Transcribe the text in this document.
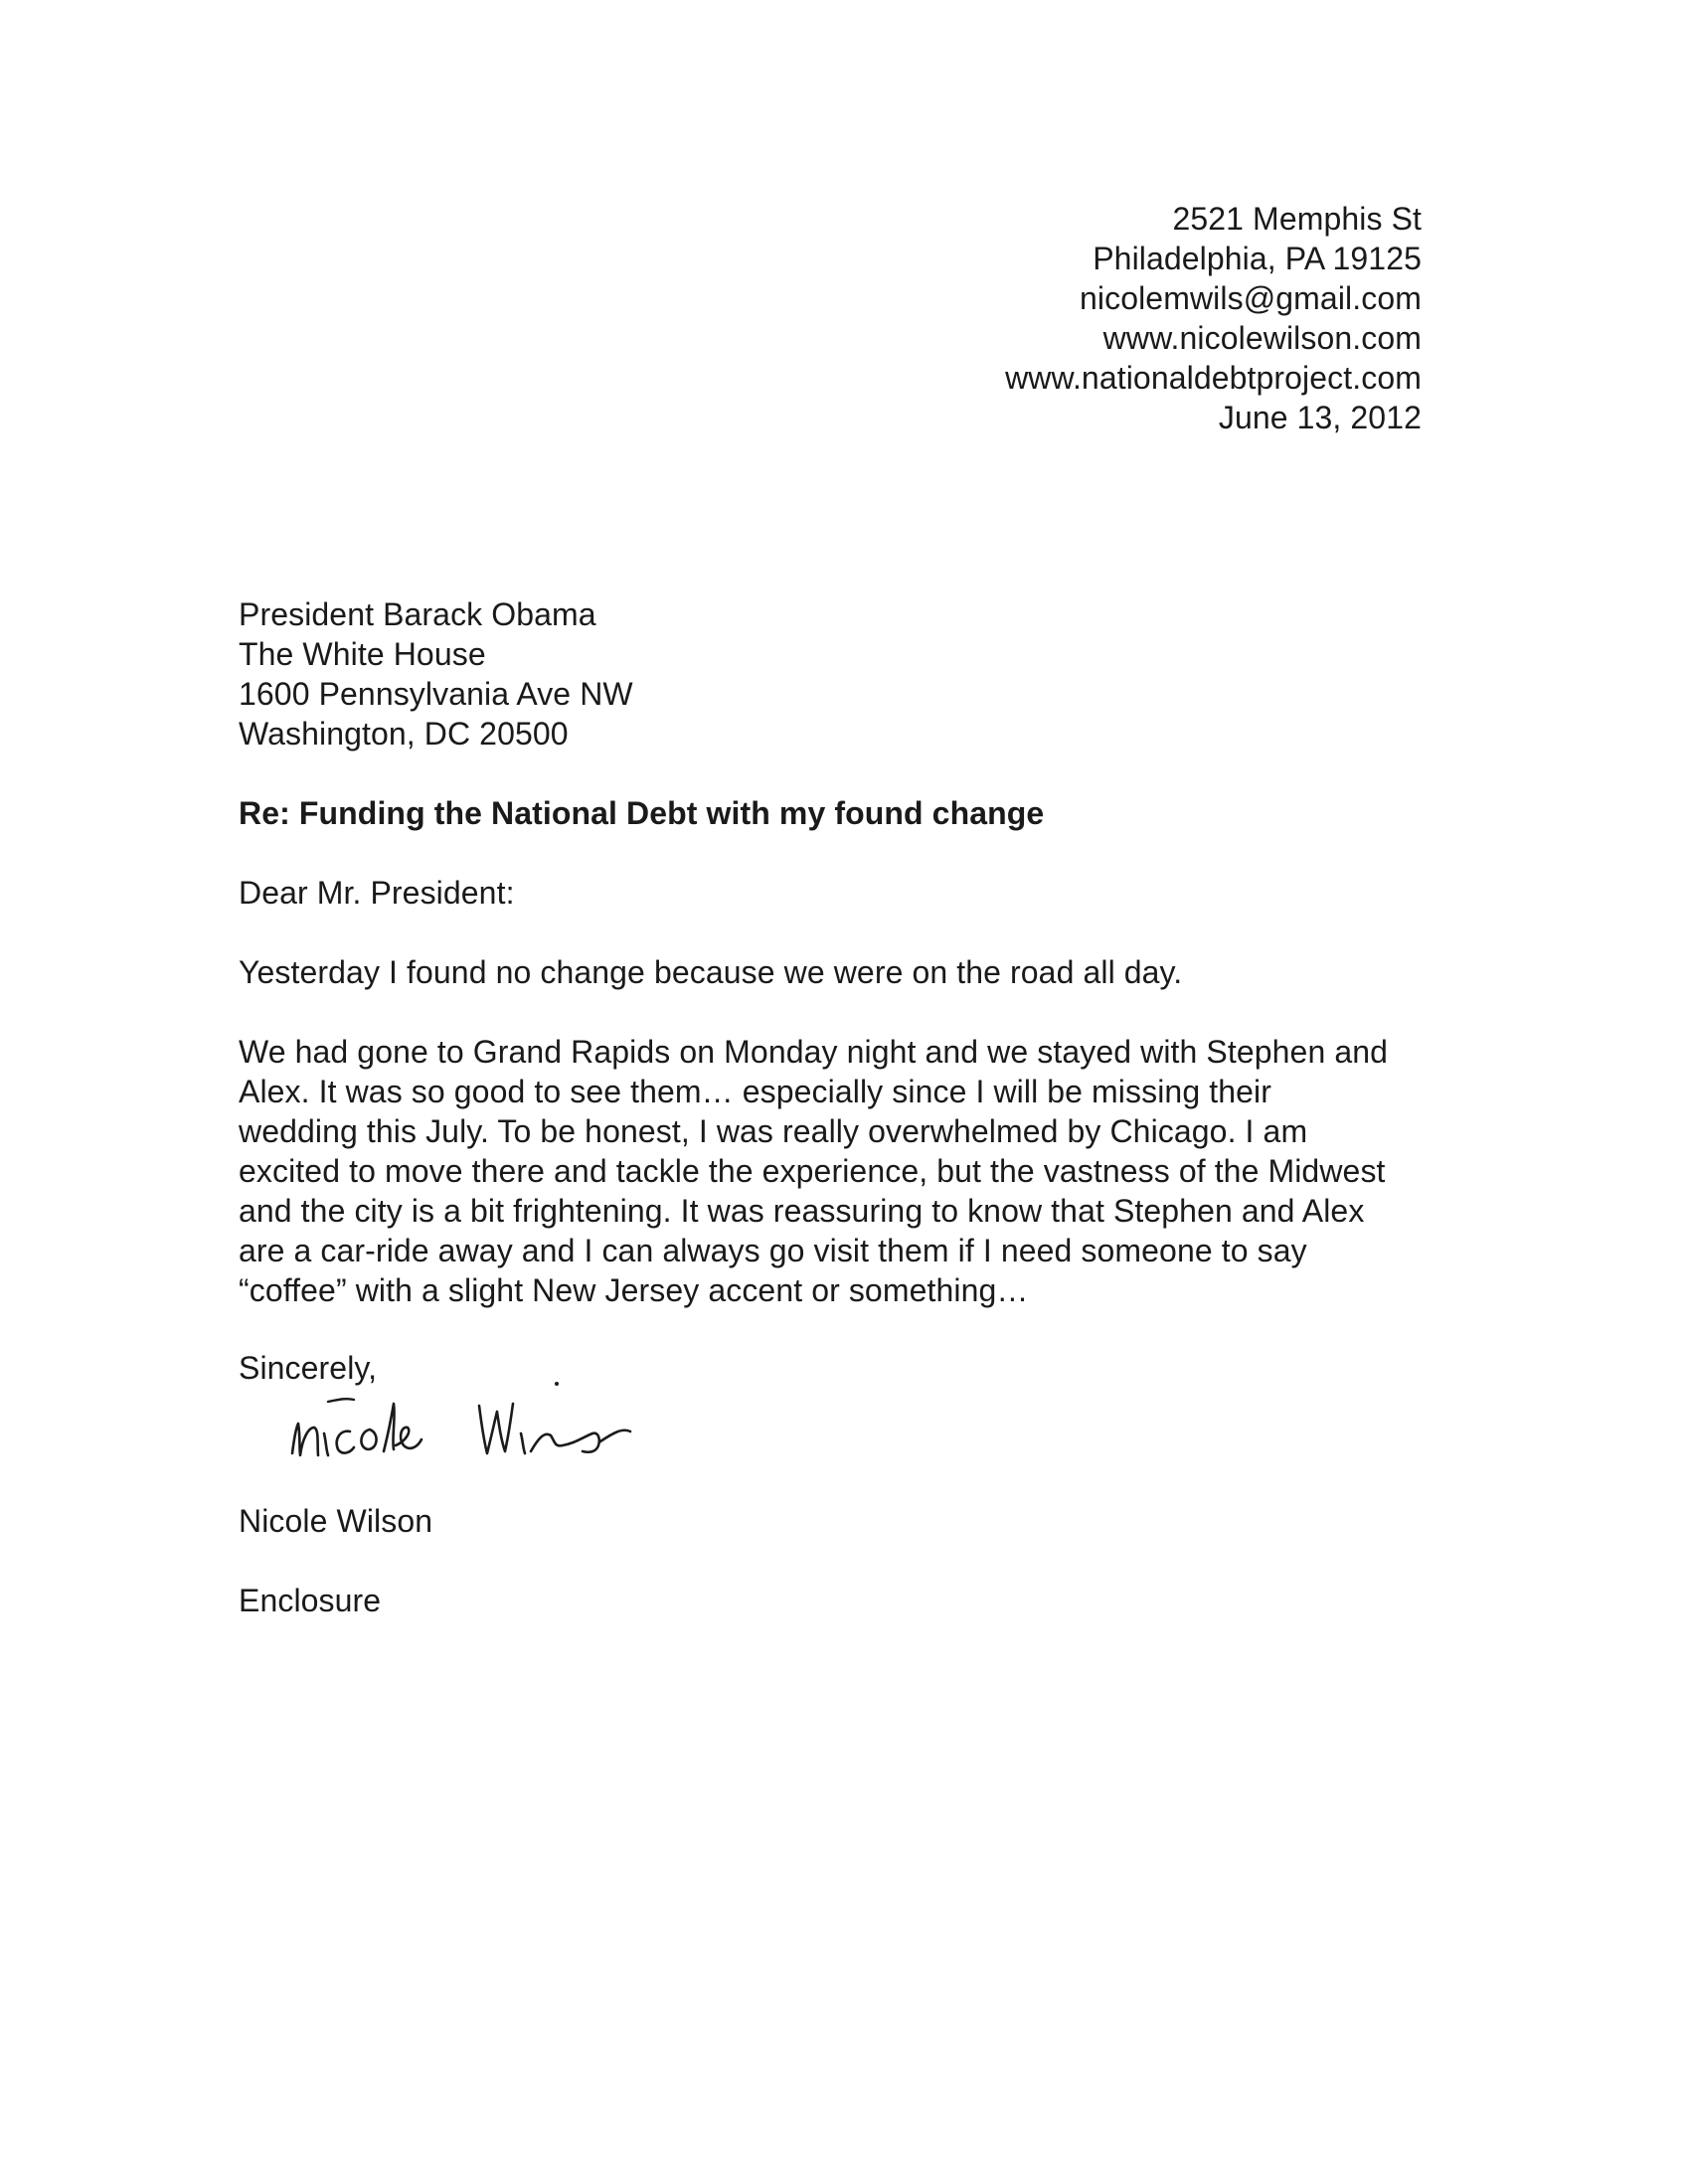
2521 Memphis St
Philadelphia, PA 19125
nicolemwils@gmail.com
www.nicolewilson.com
www.nationaldebtproject.com
June 13, 2012
President Barack Obama
The White House
1600 Pennsylvania Ave NW
Washington, DC 20500
Re: Funding the National Debt with my found change
Dear Mr. President:
Yesterday I found no change because we were on the road all day.
We had gone to Grand Rapids on Monday night and we stayed with Stephen and
Alex. It was so good to see them… especially since I will be missing their
wedding this July. To be honest, I was really overwhelmed by Chicago. I am
excited to move there and tackle the experience, but the vastness of the Midwest
and the city is a bit frightening. It was reassuring to know that Stephen and Alex
are a car-ride away and I can always go visit them if I need someone to say
“coffee” with a slight New Jersey accent or something…
Sincerely,
Nicole Wilson
Enclosure
